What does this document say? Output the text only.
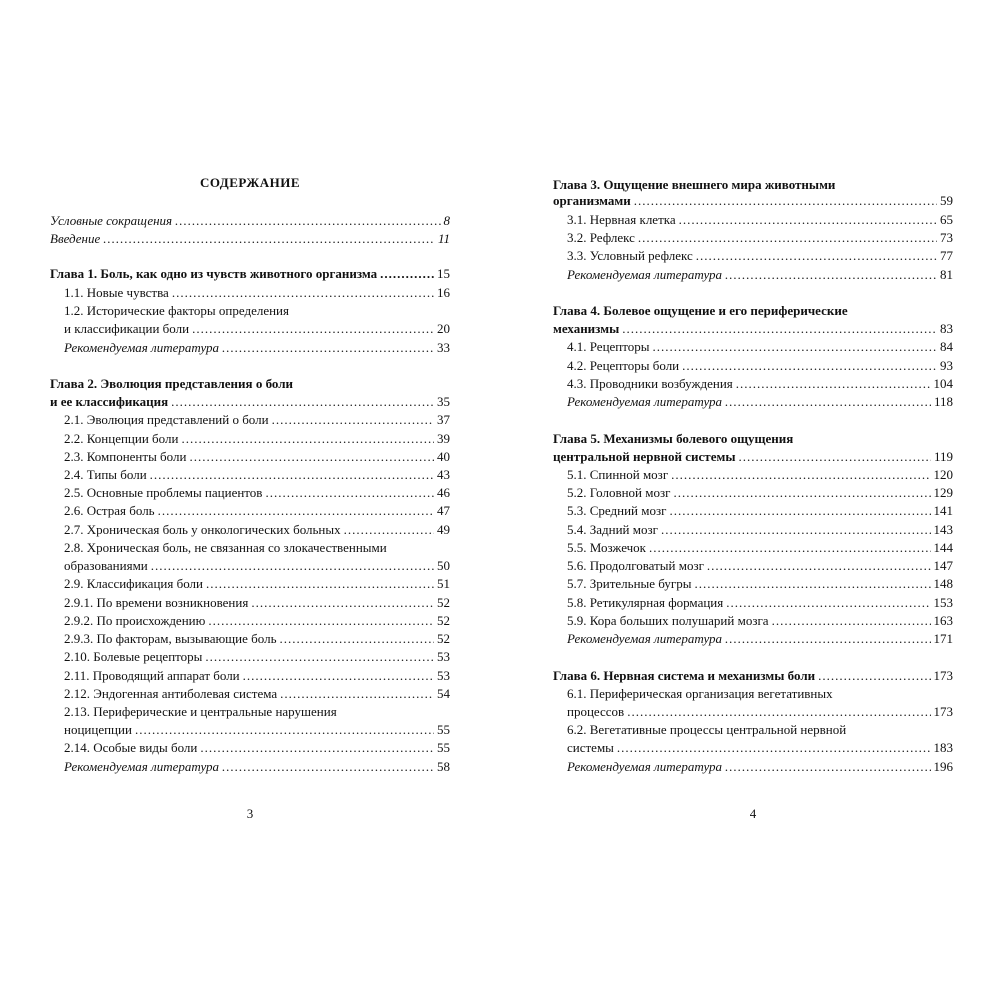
СОДЕРЖАНИЕ
Условные сокращения .....	8
Введение .....	11
Глава 1. Боль, как одно из чувств животного организма .....	15
1.1. Новые чувства .....	16
1.2. Исторические факторы определения
и классификации боли .....	20
Рекомендуемая литература .....	33
Глава 2. Эволюция представления о боли
и ее классификация .....	35
2.1. Эволюция представлений о боли .....	37
2.2. Концепции боли .....	39
2.3. Компоненты боли .....	40
2.4. Типы боли .....	43
2.5. Основные проблемы пациентов .....	46
2.6. Острая боль .....	47
2.7. Хроническая боль у онкологических больных .....	49
2.8. Хроническая боль, не связанная со злокачественными
образованиями .....	50
2.9. Классификация боли .....	51
2.9.1. По времени возникновения .....	52
2.9.2. По происхождению .....	52
2.9.3. По факторам, вызывающие боль .....	52
2.10. Болевые рецепторы .....	53
2.11. Проводящий аппарат боли .....	53
2.12. Эндогенная антиболевая система .....	54
2.13. Периферические и центральные нарушения
ноцицепции .....	55
2.14. Особые виды боли .....	55
Рекомендуемая литература .....	58
3
Глава 3. Ощущение внешнего мира животными
организмами .....	59
3.1. Нервная клетка .....	65
3.2. Рефлекс .....	73
3.3. Условный рефлекс .....	77
Рекомендуемая литература .....	81
Глава 4. Болевое ощущение и его периферические
механизмы .....	83
4.1. Рецепторы .....	84
4.2. Рецепторы боли .....	93
4.3. Проводники возбуждения .....	104
Рекомендуемая литература .....	118
Глава 5. Механизмы болевого ощущения
центральной нервной системы .....	119
5.1. Спинной мозг .....	120
5.2. Головной мозг .....	129
5.3. Средний мозг .....	141
5.4. Задний мозг .....	143
5.5. Мозжечок .....	144
5.6. Продолговатый мозг .....	147
5.7. Зрительные бугры .....	148
5.8. Ретикулярная формация .....	153
5.9. Кора больших полушарий мозга .....	163
Рекомендуемая литература .....	171
Глава 6. Нервная система и механизмы боли .....	173
6.1. Периферическая организация вегетативных
процессов .....	173
6.2. Вегетативные процессы центральной нервной
системы .....	183
Рекомендуемая литература .....	196
4
